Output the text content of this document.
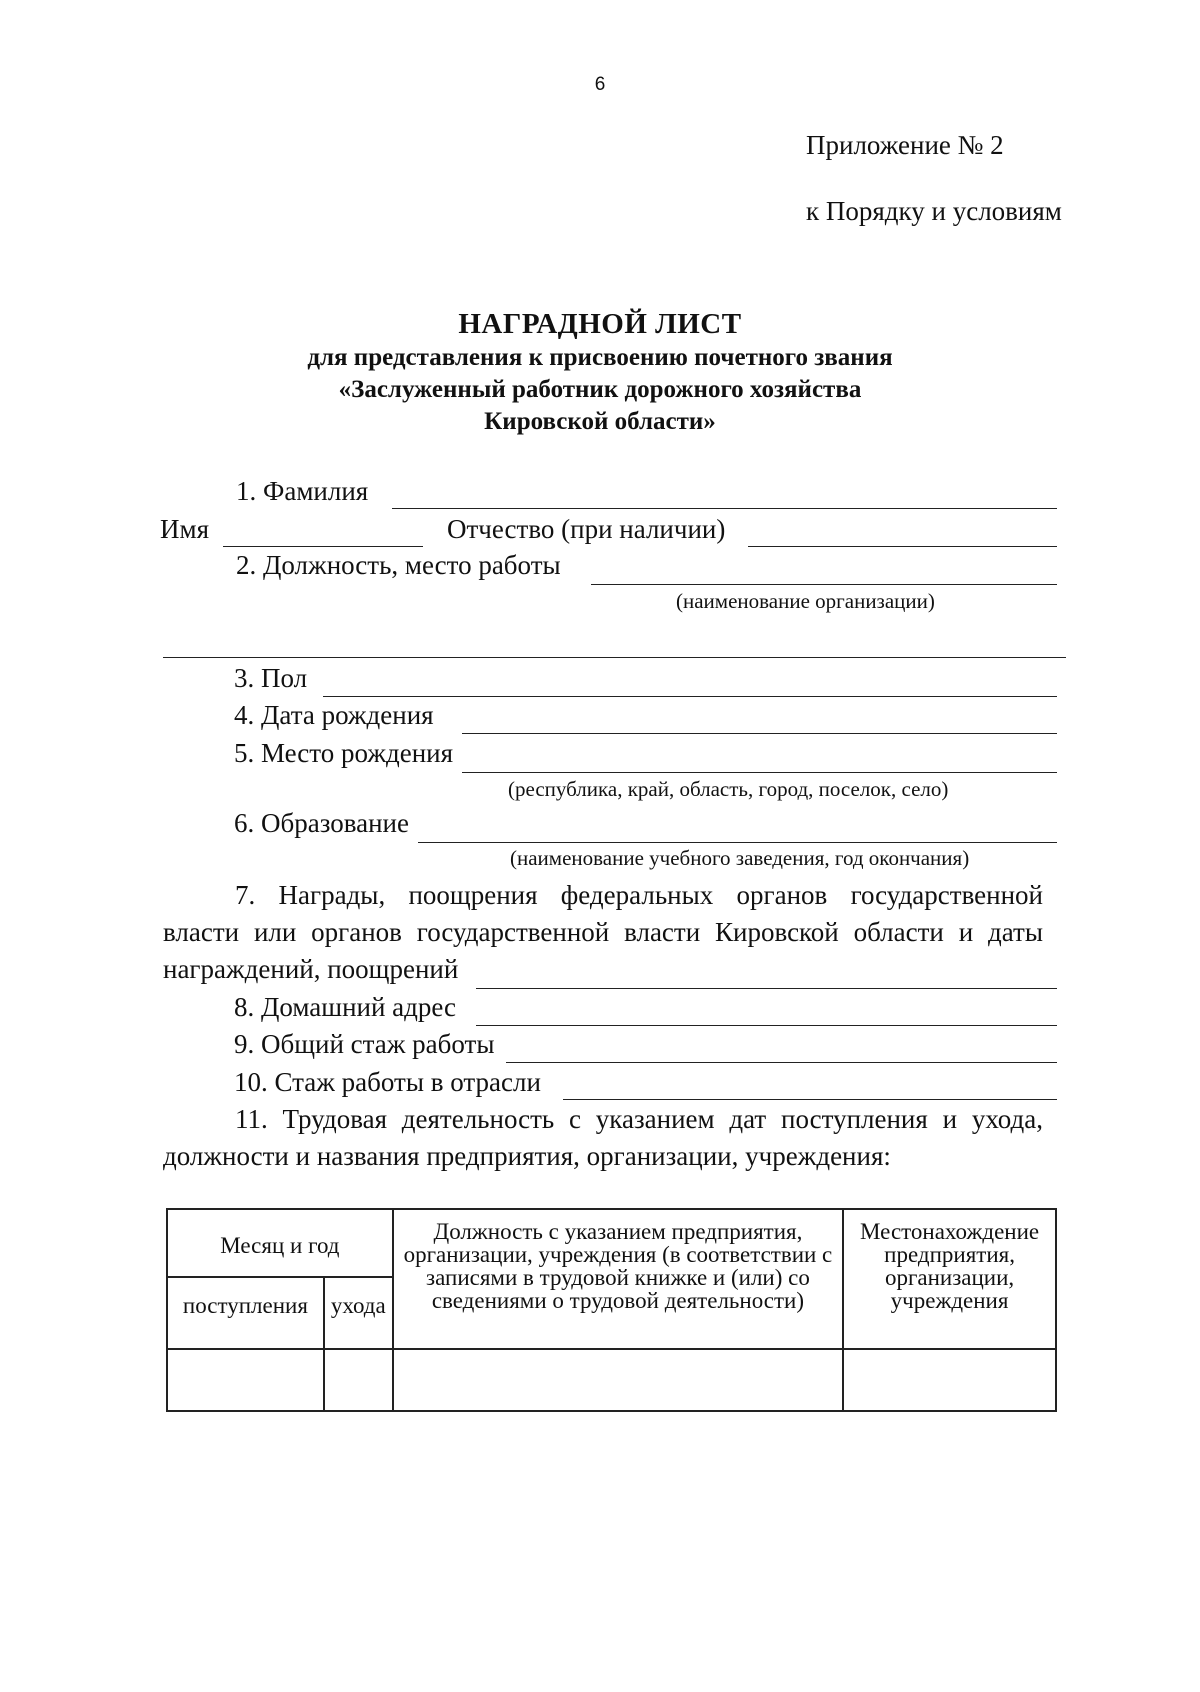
6
Приложение № 2
к Порядку и условиям
НАГРАДНОЙ ЛИСТ
для представления к присвоению почетного звания
«Заслуженный работник дорожного хозяйства
Кировской области»
1. Фамилия
Имя	Отчество (при наличии)
2. Должность, место работы
(наименование организации)
3. Пол
4. Дата рождения
5. Место рождения
(республика, край, область, город, поселок, село)
6. Образование
(наименование учебного заведения, год окончания)
7. Награды, поощрения федеральных органов государственной власти или органов государственной власти Кировской области и даты награждений, поощрений
8. Домашний адрес
9. Общий стаж работы
10. Стаж работы в отрасли
11. Трудовая деятельность с указанием дат поступления и ухода, должности и названия предприятия, организации, учреждения:
Месяц и год		Должность с указанием предприятия, организации, учреждения (в соответствии с записями в трудовой книжке и (или) со сведениями о трудовой деятельности)	Местонахождение предприятия, организации, учреждения

поступления	ухода		
